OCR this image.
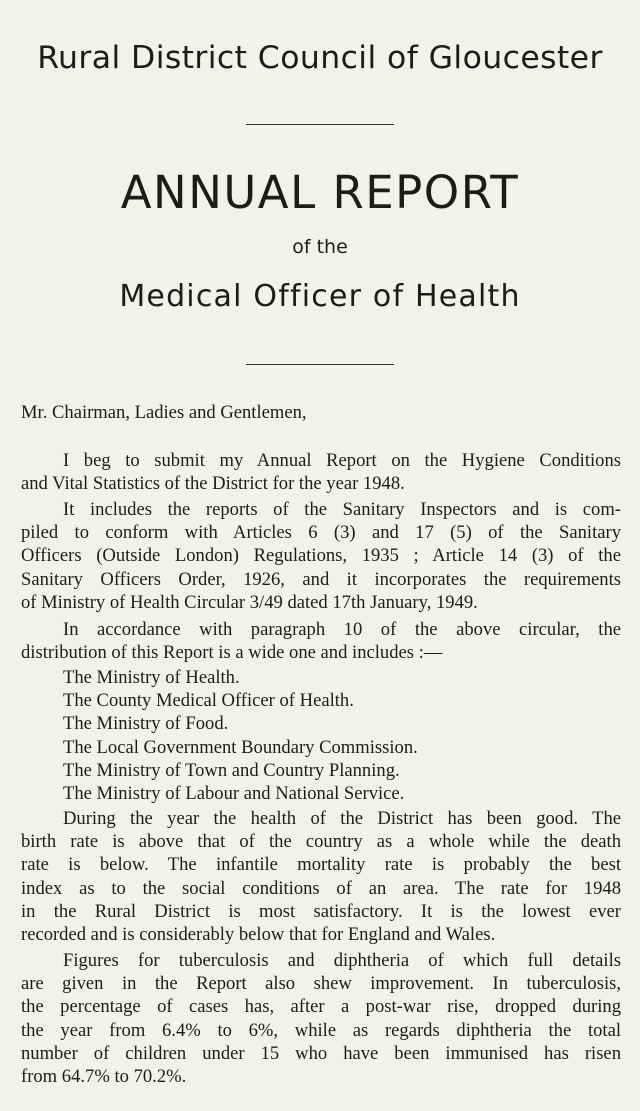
Rural District Council of Gloucester
ANNUAL REPORT
of the
Medical Officer of Health
Mr. Chairman, Ladies and Gentlemen,

I beg to submit my Annual Report on the Hygiene Conditions

and Vital Statistics of the District for the year 1948.

It includes the reports of the Sanitary Inspectors and is com-

piled to conform with Articles 6 (3) and 17 (5) of the Sanitary

Officers (Outside London) Regulations, 1935 ; Article 14 (3) of the

Sanitary Officers Order, 1926, and it incorporates the requirements

of Ministry of Health Circular 3/49 dated 17th January, 1949.

In accordance with paragraph 10 of the above circular, the

distribution of this Report is a wide one and includes :—

The Ministry of Health.
The County Medical Officer of Health.
The Ministry of Food.
The Local Government Boundary Commission.
The Ministry of Town and Country Planning.
The Ministry of Labour and National Service.

During the year the health of the District has been good. The

birth rate is above that of the country as a whole while the death

rate is below. The infantile mortality rate is probably the best

index as to the social conditions of an area. The rate for 1948

in the Rural District is most satisfactory. It is the lowest ever

recorded and is considerably below that for England and Wales.

Figures for tuberculosis and diphtheria of which full details

are given in the Report also shew improvement. In tuberculosis,

the percentage of cases has, after a post-war rise, dropped during

the year from 6.4% to 6%, while as regards diphtheria the total

number of children under 15 who have been immunised has risen

from 64.7% to 70.2%.
